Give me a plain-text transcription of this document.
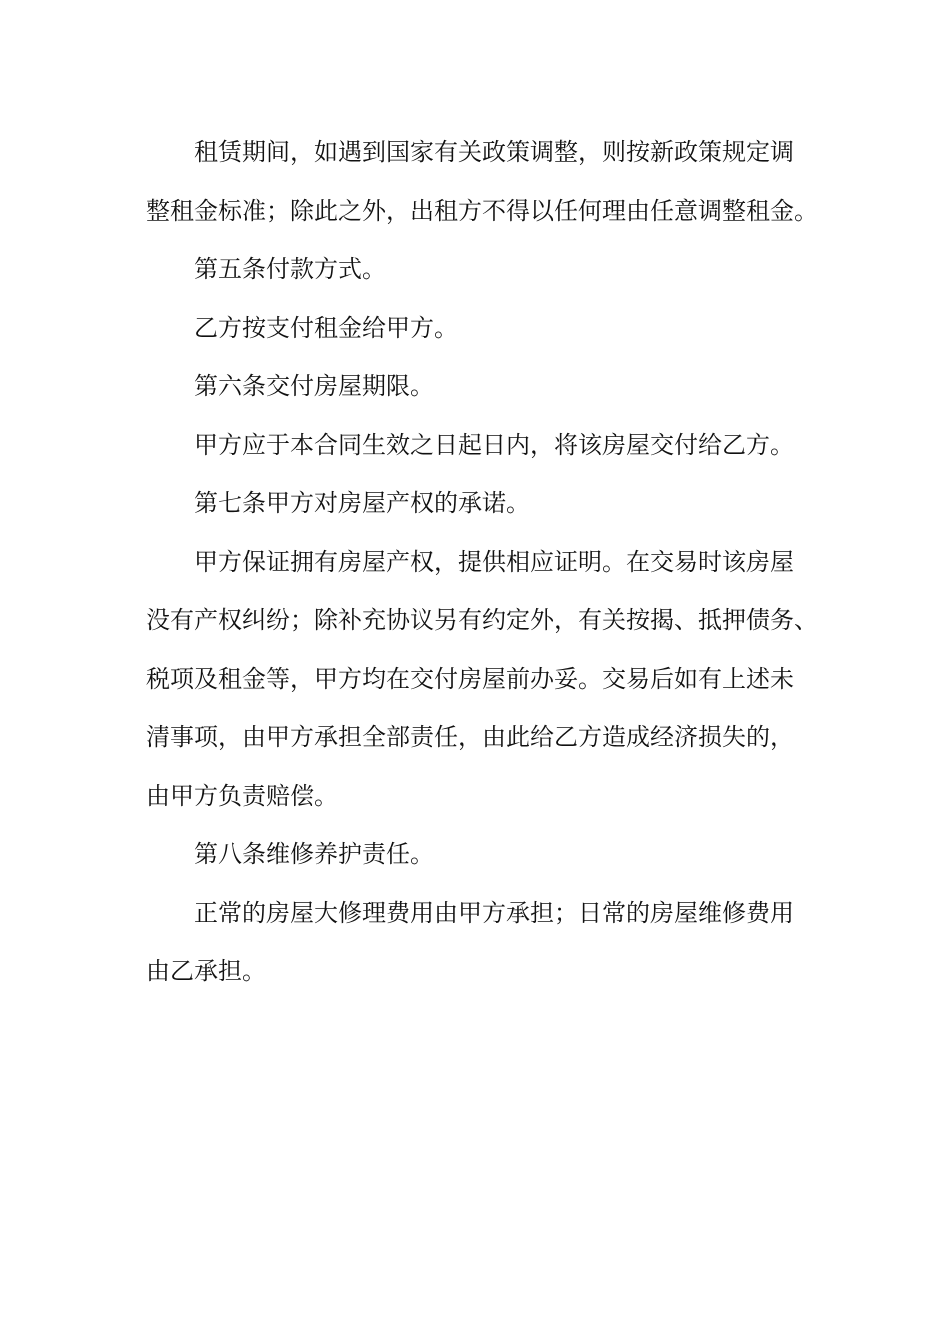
租赁期间，如遇到国家有关政策调整，则按新政策规定调
整租金标准；除此之外，出租方不得以任何理由任意调整租金。
第五条付款方式。
乙方按支付租金给甲方。
第六条交付房屋期限。
甲方应于本合同生效之日起日内，将该房屋交付给乙方。
第七条甲方对房屋产权的承诺。
甲方保证拥有房屋产权，提供相应证明。在交易时该房屋
没有产权纠纷；除补充协议另有约定外，有关按揭、抵押债务、
税项及租金等，甲方均在交付房屋前办妥。交易后如有上述未
清事项，由甲方承担全部责任，由此给乙方造成经济损失的，
由甲方负责赔偿。
第八条维修养护责任。
正常的房屋大修理费用由甲方承担；日常的房屋维修费用
由乙承担。
